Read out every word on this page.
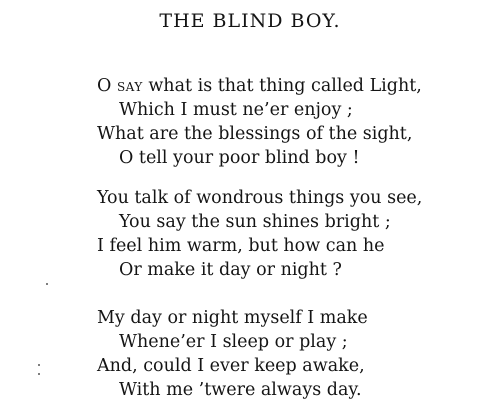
THE BLIND BOY.
O say what is that thing called Light,
Which I must ne’er enjoy ;
What are the blessings of the sight,
O tell your poor blind boy !
You talk of wondrous things you see,
You say the sun shines bright ;
I feel him warm, but how can he
Or make it day or night ?
My day or night myself I make
Whene’er I sleep or play ;
And, could I ever keep awake,
With me ’twere always day.
